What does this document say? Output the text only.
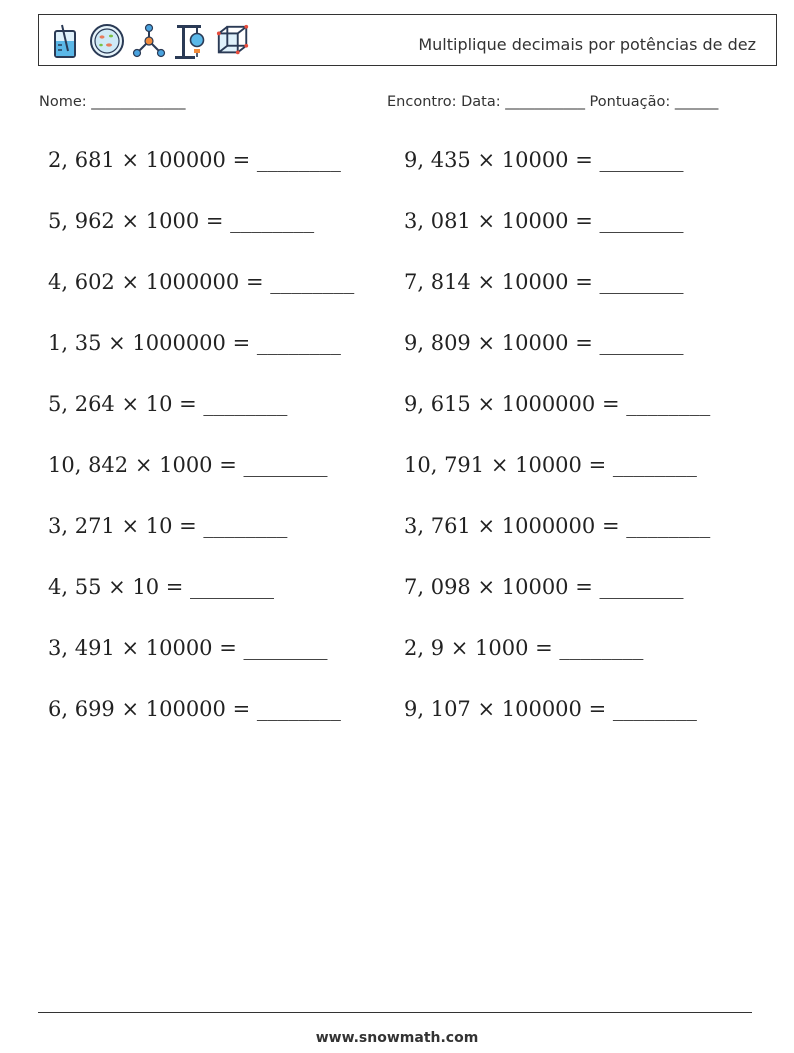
Multiplique decimais por potências de dez
Nome: _____________	Encontro: Data: ___________ Pontuação: ______
2, 681 × 100000 = ________	9, 435 × 10000 = ________
5, 962 × 1000 = ________	3, 081 × 10000 = ________
4, 602 × 1000000 = ________ 7, 814 × 10000 = ________
1, 35 × 1000000 = ________	9, 809 × 10000 = ________
5, 264 × 10 = ________	9, 615 × 1000000 = ________
10, 842 × 1000 = ________	10, 791 × 10000 = ________
3, 271 × 10 = ________	3, 761 × 1000000 = ________
4, 55 × 10 = ________	7, 098 × 10000 = ________
3, 491 × 10000 = ________	2, 9 × 1000 = ________
6, 699 × 100000 = ________	9, 107 × 100000 = ________
www.snowmath.com
